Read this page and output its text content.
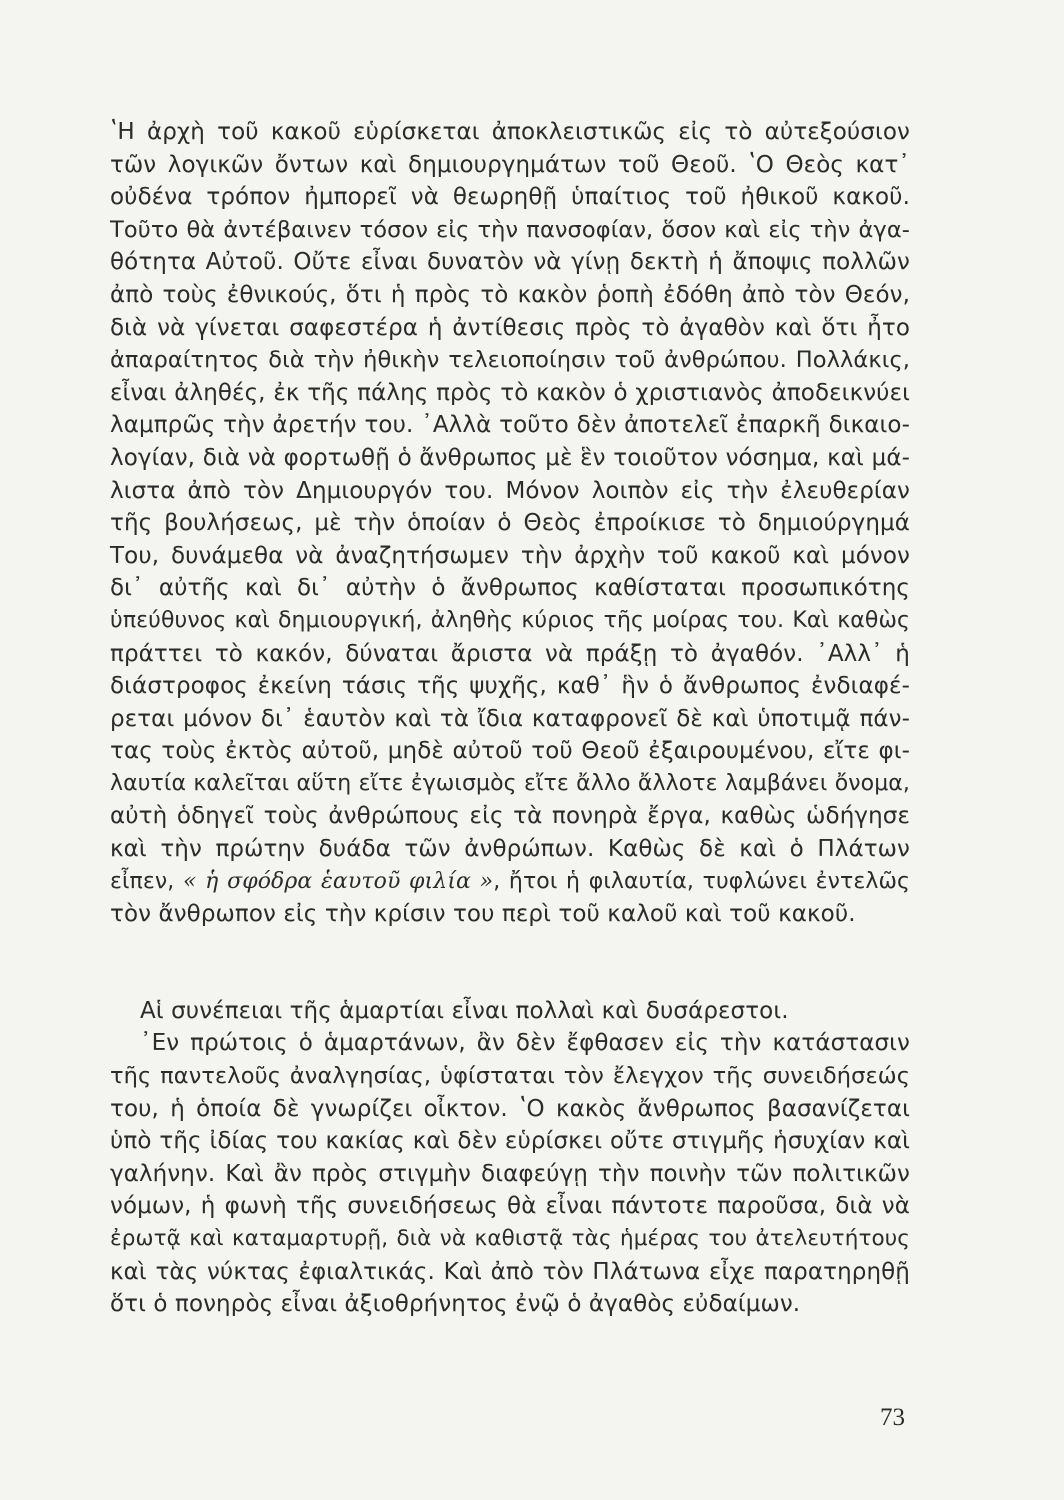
ʽΗ ἀρχὴ τοῦ κακοῦ εὑρίσκεται ἀποκλειστικῶς εἰς τὸ αὐτεξούσιον
τῶν λογικῶν ὄντων καὶ δημιουργημάτων τοῦ Θεοῦ. ʽΟ Θεὸς κατ᾽
οὐδένα τρόπον ἠμπορεῖ νὰ θεωρηθῇ ὑπαίτιος τοῦ ἠθικοῦ κακοῦ.
Τοῦτο θὰ ἀντέβαινεν τόσον εἰς τὴν πανσοφίαν, ὅσον καὶ εἰς τὴν ἀγα-
θότητα Αὐτοῦ. Οὔτε εἶναι δυνατὸν νὰ γίνῃ δεκτὴ ἡ ἄποψις πολλῶν
ἀπὸ τοὺς ἐθνικούς, ὅτι ἡ πρὸς τὸ κακὸν ῥοπὴ ἐδόθη ἀπὸ τὸν Θεόν,
διὰ νὰ γίνεται σαφεστέρα ἡ ἀντίθεσις πρὸς τὸ ἀγαθὸν καὶ ὅτι ἦτο
ἀπαραίτητος διὰ τὴν ἠθικὴν τελειοποίησιν τοῦ ἀνθρώπου. Πολλάκις,
εἶναι ἀληθές, ἐκ τῆς πάλης πρὸς τὸ κακὸν ὁ χριστιανὸς ἀποδεικνύει
λαμπρῶς τὴν ἀρετήν του. ᾽Αλλὰ τοῦτο δὲν ἀποτελεῖ ἐπαρκῆ δικαιο-
λογίαν, διὰ νὰ φορτωθῇ ὁ ἄνθρωπος μὲ ἓν τοιοῦτον νόσημα, καὶ μά-
λιστα ἀπὸ τὸν Δημιουργόν του. Μόνον λοιπὸν εἰς τὴν ἐλευθερίαν
τῆς βουλήσεως, μὲ τὴν ὁποίαν ὁ Θεὸς ἐπροίκισε τὸ δημιούργημά
Του, δυνάμεθα νὰ ἀναζητήσωμεν τὴν ἀρχὴν τοῦ κακοῦ καὶ μόνον
δι᾽ αὐτῆς καὶ δι᾽ αὐτὴν ὁ ἄνθρωπος καθίσταται προσωπικότης
ὑπεύθυνος καὶ δημιουργική, ἀληθὴς κύριος τῆς μοίρας του. Καὶ καθὼς
πράττει τὸ κακόν, δύναται ἄριστα νὰ πράξῃ τὸ ἀγαθόν. ᾽Αλλ᾽ ἡ
διάστροφος ἐκείνη τάσις τῆς ψυχῆς, καθ᾽ ἣν ὁ ἄνθρωπος ἐνδιαφέ-
ρεται μόνον δι᾽ ἑαυτὸν καὶ τὰ ἴδια καταφρονεῖ δὲ καὶ ὑποτιμᾷ πάν-
τας τοὺς ἐκτὸς αὐτοῦ, μηδὲ αὐτοῦ τοῦ Θεοῦ ἐξαιρουμένου, εἴτε φι-
λαυτία καλεῖται αὕτη εἴτε ἐγωισμὸς εἴτε ἄλλο ἄλλοτε λαμβάνει ὄνομα,
αὐτὴ ὁδηγεῖ τοὺς ἀνθρώπους εἰς τὰ πονηρὰ ἔργα, καθὼς ὡδήγησε
καὶ τὴν πρώτην δυάδα τῶν ἀνθρώπων. Καθὼς δὲ καὶ ὁ Πλάτων
εἶπεν, « ἡ σφόδρα ἑαυτοῦ φιλία », ἤτοι ἡ φιλαυτία, τυφλώνει ἐντελῶς
τὸν ἄνθρωπον εἰς τὴν κρίσιν του περὶ τοῦ καλοῦ καὶ τοῦ κακοῦ.
Αἱ συνέπειαι τῆς ἁμαρτίαι εἶναι πολλαὶ καὶ δυσάρεστοι.
᾽Εν πρώτοις ὁ ἁμαρτάνων, ἂν δὲν ἔφθασεν εἰς τὴν κατάστασιν
τῆς παντελοῦς ἀναλγησίας, ὑφίσταται τὸν ἔλεγχον τῆς συνειδήσεώς
του, ἡ ὁποία δὲ γνωρίζει οἶκτον. ʽΟ κακὸς ἄνθρωπος βασανίζεται
ὑπὸ τῆς ἰδίας του κακίας καὶ δὲν εὑρίσκει οὔτε στιγμῆς ἡσυχίαν καὶ
γαλήνην. Καὶ ἂν πρὸς στιγμὴν διαφεύγῃ τὴν ποινὴν τῶν πολιτικῶν
νόμων, ἡ φωνὴ τῆς συνειδήσεως θὰ εἶναι πάντοτε παροῦσα, διὰ νὰ
ἐρωτᾷ καὶ καταμαρτυρῇ, διὰ νὰ καθιστᾷ τὰς ἡμέρας του ἀτελευτήτους
καὶ τὰς νύκτας ἐφιαλτικάς. Καὶ ἀπὸ τὸν Πλάτωνα εἶχε παρατηρηθῇ
ὅτι ὁ πονηρὸς εἶναι ἀξιοθρήνητος ἐνῷ ὁ ἀγαθὸς εὐδαίμων.
73
